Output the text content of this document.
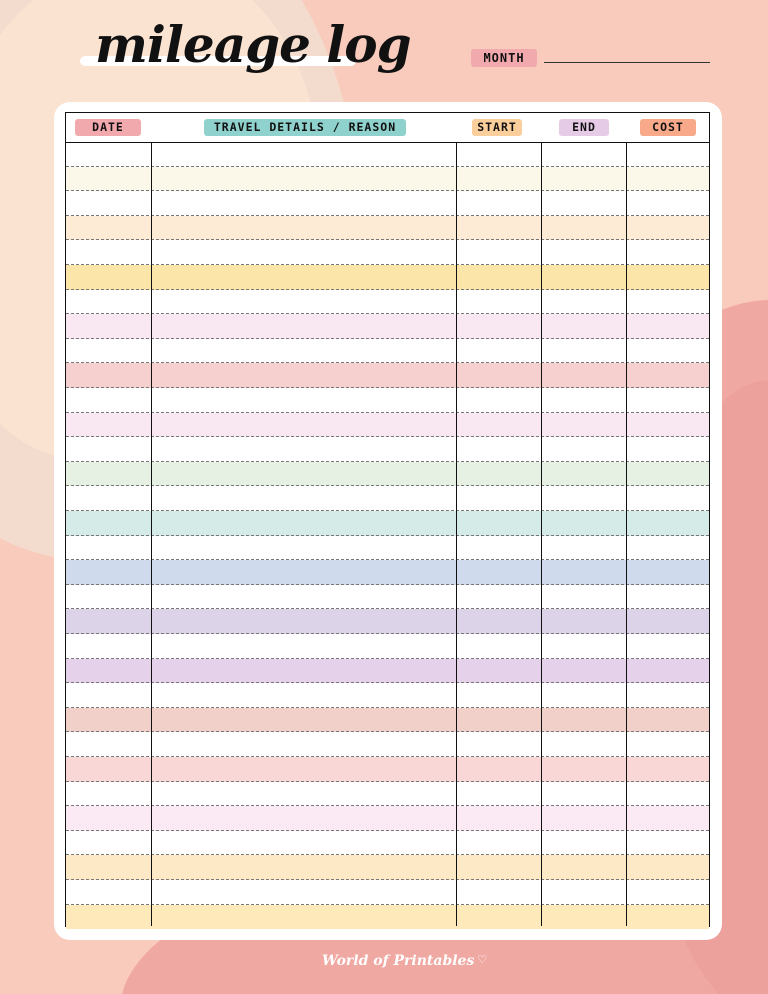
mileage log	MONTH
DATE	TRAVEL DETAILS / REASON	START	END	COST
World of Printables ♡
